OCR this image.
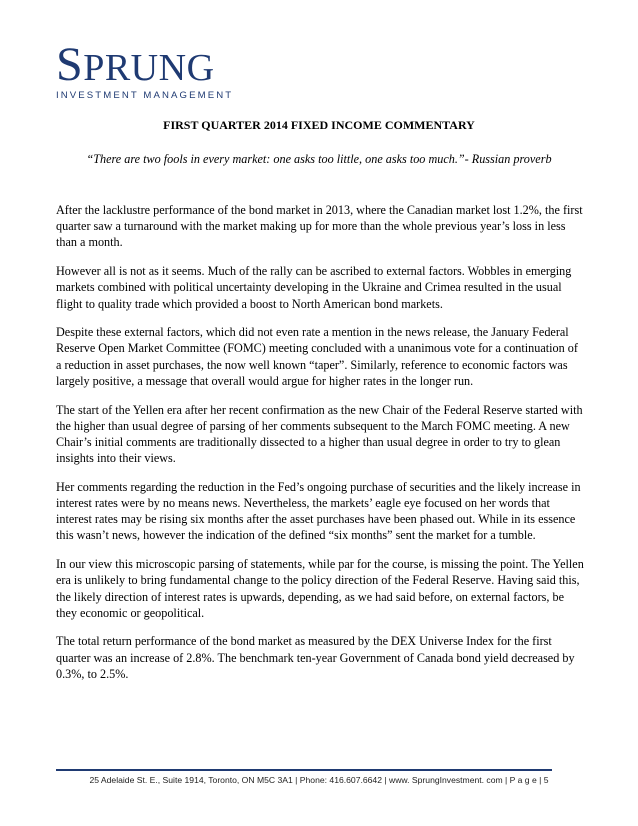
SPRUNG
INVESTMENT MANAGEMENT
FIRST QUARTER 2014 FIXED INCOME COMMENTARY
“There are two fools in every market: one asks too little, one asks too much.”- Russian proverb

After the lacklustre performance of the bond market in 2013, where the Canadian market lost 1.2%, the first quarter saw a turnaround with the market making up for more than the whole previous year’s loss in less than a month.

However all is not as it seems. Much of the rally can be ascribed to external factors. Wobbles in emerging markets combined with political uncertainty developing in the Ukraine and Crimea resulted in the usual flight to quality trade which provided a boost to North American bond markets.

Despite these external factors, which did not even rate a mention in the news release, the January Federal Reserve Open Market Committee (FOMC) meeting concluded with a unanimous vote for a continuation of a reduction in asset purchases, the now well known “taper”. Similarly, reference to economic factors was largely positive, a message that overall would argue for higher rates in the longer run.

The start of the Yellen era after her recent confirmation as the new Chair of the Federal Reserve started with the higher than usual degree of parsing of her comments subsequent to the March FOMC meeting. A new Chair’s initial comments are traditionally dissected to a higher than usual degree in order to try to glean insights into their views.

Her comments regarding the reduction in the Fed’s ongoing purchase of securities and the likely increase in interest rates were by no means news. Nevertheless, the markets’ eagle eye focused on her words that interest rates may be rising six months after the asset purchases have been phased out. While in its essence this wasn’t news, however the indication of the defined “six months” sent the market for a tumble.

In our view this microscopic parsing of statements, while par for the course, is missing the point. The Yellen era is unlikely to bring fundamental change to the policy direction of the Federal Reserve. Having said this, the likely direction of interest rates is upwards, depending, as we had said before, on external factors, be they economic or geopolitical.

The total return performance of the bond market as measured by the DEX Universe Index for the first quarter was an increase of 2.8%. The benchmark ten-year Government of Canada bond yield decreased by 0.3%, to 2.5%.

25 Adelaide St. E., Suite 1914, Toronto, ON M5C 3A1 | Phone: 416.607.6642 | www. SprungInvestment. com | P a g e | 5
